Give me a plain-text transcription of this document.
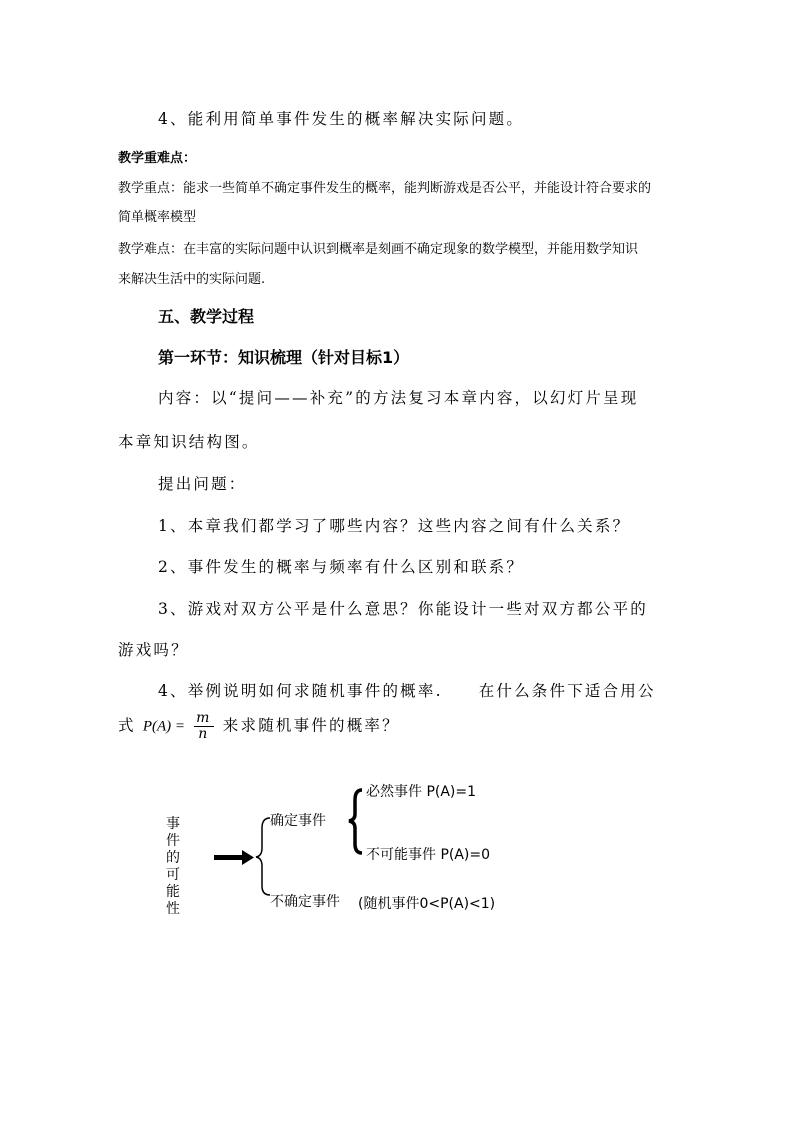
4、能利用简单事件发生的概率解决实际问题。
教学重难点：
教学重点：能求一些简单不确定事件发生的概率，能判断游戏是否公平，并能设计符合要求的
简单概率模型
教学难点：在丰富的实际问题中认识到概率是刻画不确定现象的数学模型，并能用数学知识
来解决生活中的实际问题.
五、教学过程
第一环节：知识梳理（针对目标1）
内容：以“提问——补充”的方法复习本章内容，以幻灯片呈现
本章知识结构图。
提出问题：
1、本章我们都学习了哪些内容？这些内容之间有什么关系？
2、事件发生的概率与频率有什么区别和联系？
3、游戏对双方公平是什么意思？你能设计一些对双方都公平的
游戏吗？
4、举例说明如何求随机事件的概率. 在什么条件下适合用公
式 $P(A) = \frac{m}{n}$ 来求随机事件的概率？
事
件
的
可
能
性
确定事件
必然事件 P(A)=1
不可能事件 P(A)=0
不确定事件 (随机事件0<P(A)<1)
